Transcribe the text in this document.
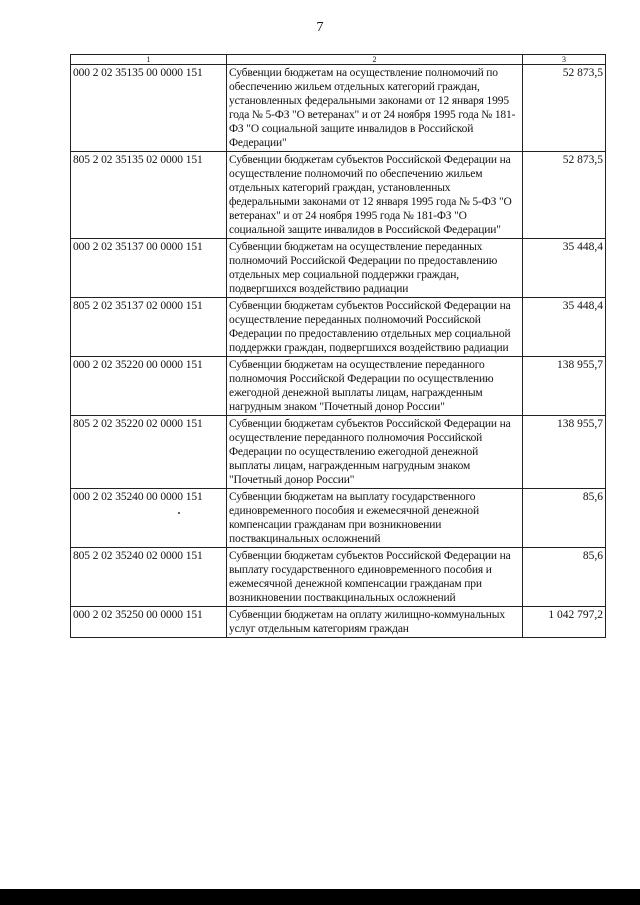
7
1	2	3
000 2 02 35135 00 0000 151	Субвенции бюджетам на осуществление полномочий по обеспечению жильем отдельных категорий граждан, установленных федеральными законами от 12 января 1995 года № 5-ФЗ "О ветеранах" и от 24 ноября 1995 года № 181-ФЗ "О социальной защите инвалидов в Российской Федерации"	52 873,5
805 2 02 35135 02 0000 151	Субвенции бюджетам субъектов Российской Федерации на осуществление полномочий по обеспечению жильем отдельных категорий граждан, установленных федеральными законами от 12 января 1995 года № 5-ФЗ "О ветеранах" и от 24 ноября 1995 года № 181-ФЗ "О социальной защите инвалидов в Российской Федерации"	52 873,5
000 2 02 35137 00 0000 151	Субвенции бюджетам на осуществление переданных полномочий Российской Федерации по предоставлению отдельных мер социальной поддержки граждан, подвергшихся воздействию радиации	35 448,4
805 2 02 35137 02 0000 151	Субвенции бюджетам субъектов Российской Федерации на осуществление переданных полномочий Российской Федерации по предоставлению отдельных мер социальной поддержки граждан, подвергшихся воздействию радиации	35 448,4
000 2 02 35220 00 0000 151	Субвенции бюджетам на осуществление переданного полномочия Российской Федерации по осуществлению ежегодной денежной выплаты лицам, награжденным нагрудным знаком "Почетный донор России"	138 955,7
805 2 02 35220 02 0000 151	Субвенции бюджетам субъектов Российской Федерации на осуществление переданного полномочия Российской Федерации по осуществлению ежегодной денежной выплаты лицам, награжденным нагрудным знаком "Почетный донор России"	138 955,7
000 2 02 35240 00 0000 151	Субвенции бюджетам на выплату государственного единовременного пособия и ежемесячной денежной компенсации гражданам при возникновении поствакцинальных осложнений	85,6
805 2 02 35240 02 0000 151	Субвенции бюджетам субъектов Российской Федерации на выплату государственного единовременного пособия и ежемесячной денежной компенсации гражданам при возникновении поствакцинальных осложнений	85,6
000 2 02 35250 00 0000 151	Субвенции бюджетам на оплату жилищно-коммунальных услуг отдельным категориям граждан	1 042 797,2
